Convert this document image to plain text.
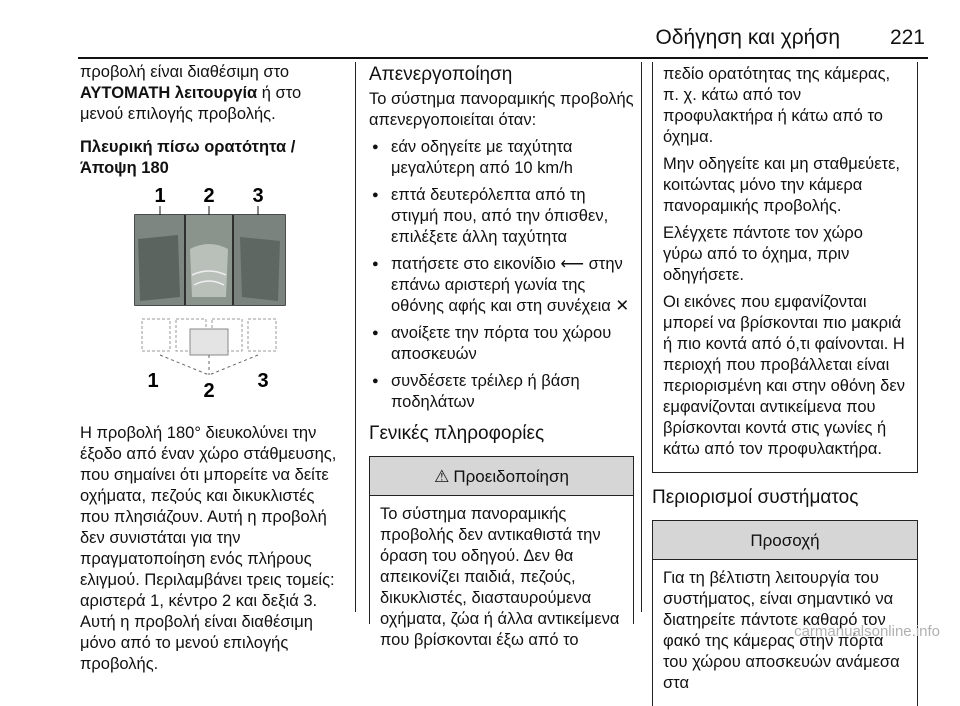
Οδήγηση και χρήση 221

προβολή είναι διαθέσιμη στο
ΑΥΤΟΜΑΤΗ λειτουργία ή στο μενού επιλογής προβολής.

Πλευρική πίσω ορατότητα /
Άποψη 180

1 2 3
1 2 3

Η προβολή 180° διευκολύνει την έξοδο από έναν χώρο στάθμευσης, που σημαίνει ότι μπορείτε να δείτε οχήματα, πεζούς και δικυκλιστές που πλησιάζουν. Αυτή η προβολή δεν συνιστάται για την πραγματοποίηση ενός πλήρους ελιγμού. Περιλαμβάνει τρεις τομείς: αριστερά 1, κέντρο 2 και δεξιά 3. Αυτή η προβολή είναι διαθέσιμη μόνο από το μενού επιλογής προβολής.

Απενεργοποίηση

Το σύστημα πανοραμικής προβολής απενεργοποιείται όταν:

● εάν οδηγείτε με ταχύτητα μεγαλύτερη από 10 km/h
● επτά δευτερόλεπτα από τη στιγμή που, από την όπισθεν, επιλέξετε άλλη ταχύτητα
● πατήσετε στο εικονίδιο ⟵ στην επάνω αριστερή γωνία της οθόνης αφής και στη συνέχεια ✕
● ανοίξετε την πόρτα του χώρου αποσκευών
● συνδέσετε τρέιλερ ή βάση ποδηλάτων
Γενικές πληροφορίες
⚠ Προειδοποίηση

Το σύστημα πανοραμικής προβολής δεν αντικαθιστά την όραση του οδηγού. Δεν θα απεικονίζει παιδιά, πεζούς, δικυκλιστές, διασταυρούμενα οχήματα, ζώα ή άλλα αντικείμενα που βρίσκονται έξω από το

πεδίο ορατότητας της κάμερας, π. χ. κάτω από τον προφυλακτήρα ή κάτω από το όχημα.

Μην οδηγείτε και μη σταθμεύετε, κοιτώντας μόνο την κάμερα πανοραμικής προβολής.

Ελέγχετε πάντοτε τον χώρο γύρω από το όχημα, πριν οδηγήσετε.

Οι εικόνες που εμφανίζονται μπορεί να βρίσκονται πιο μακριά ή πιο κοντά από ό,τι φαίνονται. Η περιοχή που προβάλλεται είναι περιορισμένη και στην οθόνη δεν εμφανίζονται αντικείμενα που βρίσκονται κοντά στις γωνίες ή κάτω από τον προφυλακτήρα.

Περιορισμοί συστήματος
Προσοχή

Για τη βέλτιστη λειτουργία του συστήματος, είναι σημαντικό να διατηρείτε πάντοτε καθαρό τον φακό της κάμερας στην πόρτα του χώρου αποσκευών ανάμεσα στα

carmanualsonline.info
